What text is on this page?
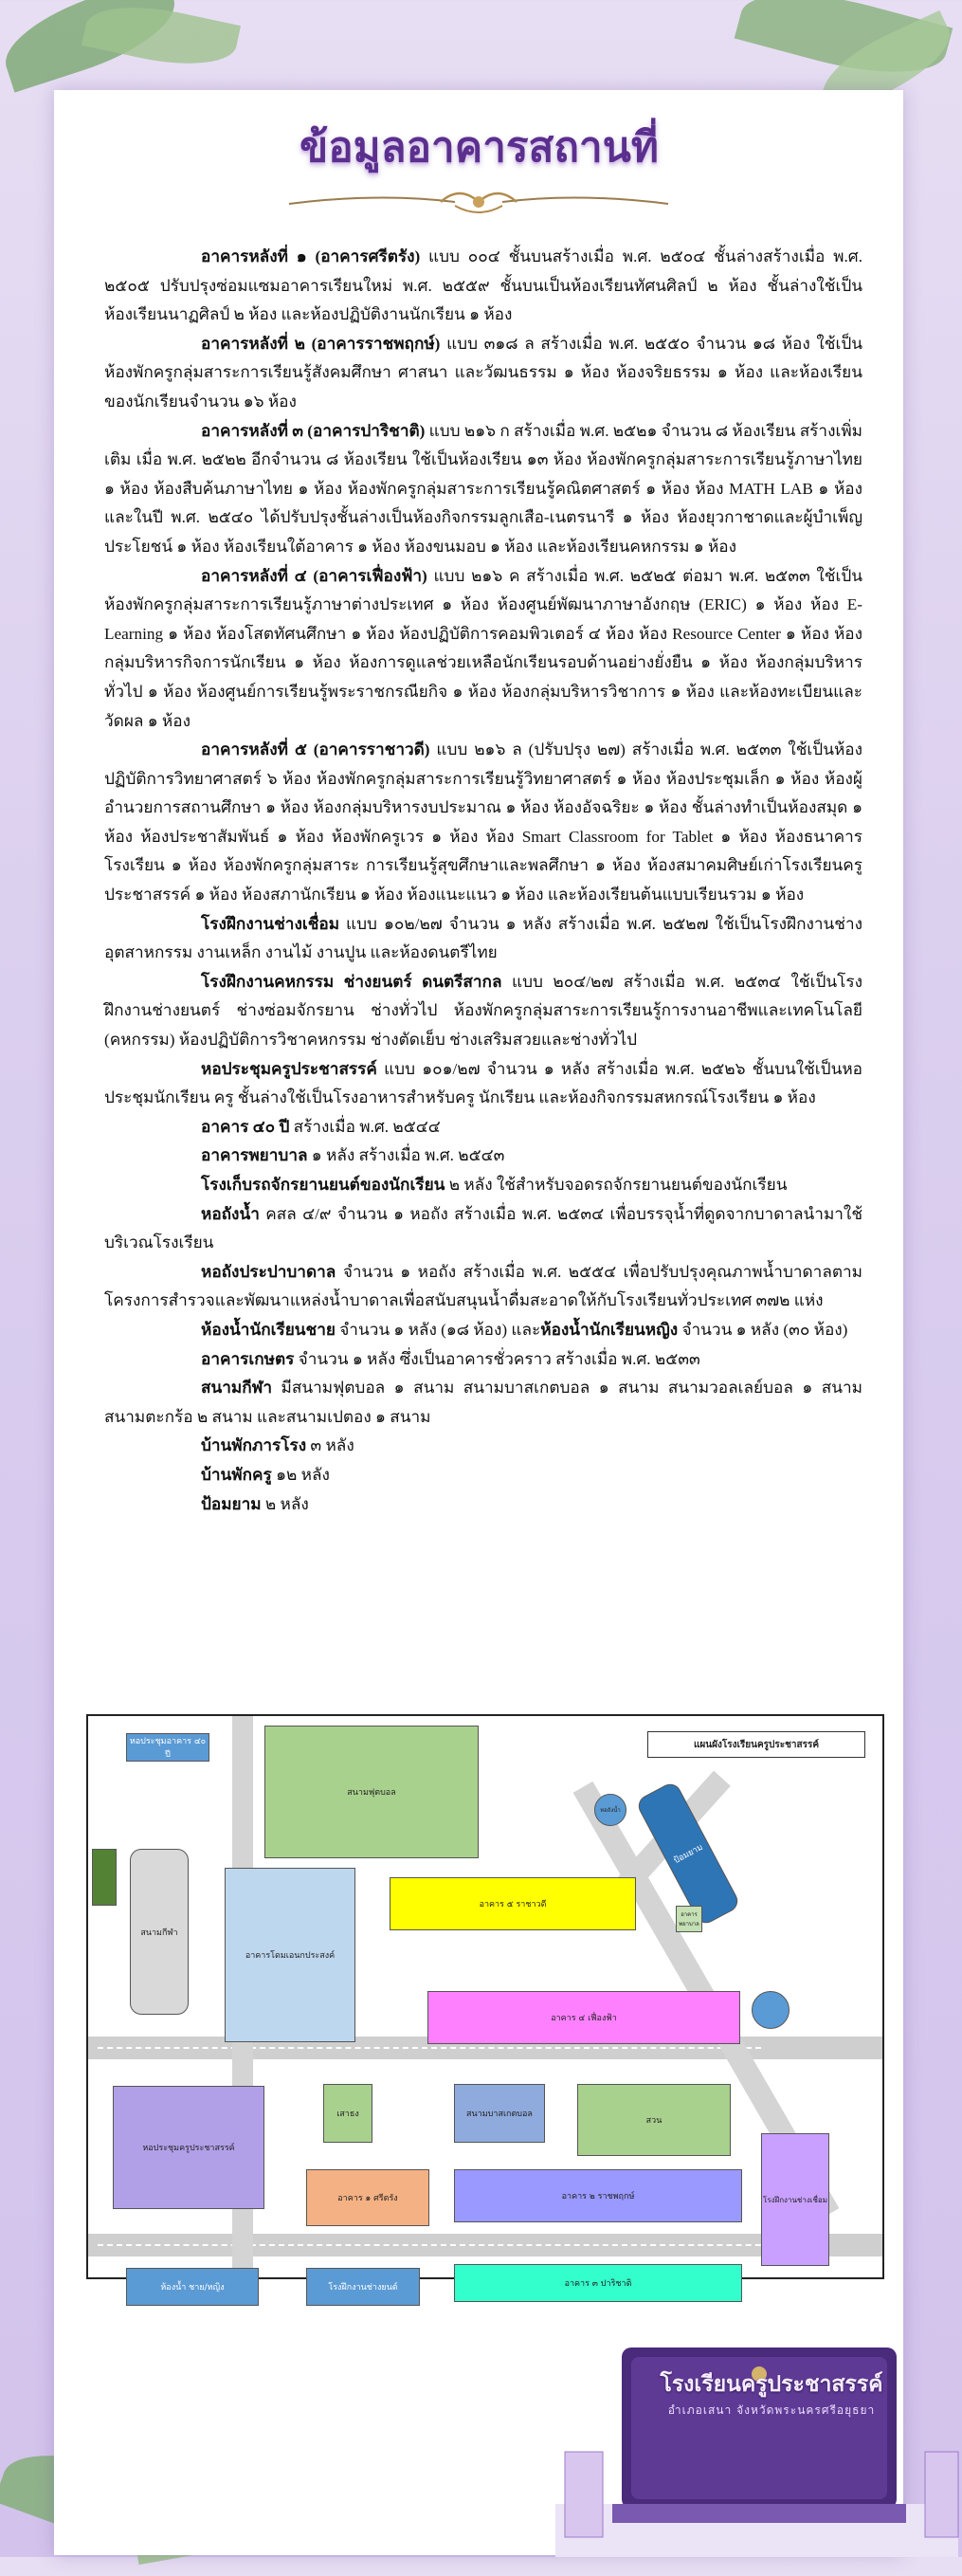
ข้อมูลอาคารสถานที่

อาคารหลังที่ ๑ (อาคารศรีตรัง) แบบ ๐๐๔ ชั้นบนสร้างเมื่อ พ.ศ. ๒๕๐๔ ชั้นล่างสร้างเมื่อ พ.ศ. ๒๕๐๕ ปรับปรุงซ่อมแซมอาคารเรียนใหม่ พ.ศ. ๒๕๕๙ ชั้นบนเป็นห้องเรียนทัศนศิลป์ ๒ ห้อง ชั้นล่างใช้เป็นห้องเรียนนาฏศิลป์ ๒ ห้อง และห้องปฏิบัติงานนักเรียน ๑ ห้อง

อาคารหลังที่ ๒ (อาคารราชพฤกษ์) แบบ ๓๑๘ ล สร้างเมื่อ พ.ศ. ๒๕๕๐ จำนวน ๑๘ ห้อง ใช้เป็นห้องพักครูกลุ่มสาระการเรียนรู้สังคมศึกษา ศาสนา และวัฒนธรรม ๑ ห้อง ห้องจริยธรรม ๑ ห้อง และห้องเรียนของนักเรียนจำนวน ๑๖ ห้อง

อาคารหลังที่ ๓ (อาคารปาริชาติ) แบบ ๒๑๖ ก สร้างเมื่อ พ.ศ. ๒๕๒๑ จำนวน ๘ ห้องเรียน สร้างเพิ่มเติม เมื่อ พ.ศ. ๒๕๒๒ อีกจำนวน ๘ ห้องเรียน ใช้เป็นห้องเรียน ๑๓ ห้อง ห้องพักครูกลุ่มสาระการเรียนรู้ภาษาไทย ๑ ห้อง ห้องสืบค้นภาษาไทย ๑ ห้อง ห้องพักครูกลุ่มสาระการเรียนรู้คณิตศาสตร์ ๑ ห้อง ห้อง MATH LAB ๑ ห้อง และในปี พ.ศ. ๒๕๔๐ ได้ปรับปรุงชั้นล่างเป็นห้องกิจกรรมลูกเสือ-เนตรนารี ๑ ห้อง ห้องยุวกาชาดและผู้บำเพ็ญประโยชน์ ๑ ห้อง ห้องเรียนใต้อาคาร ๑ ห้อง ห้องขนมอบ ๑ ห้อง และห้องเรียนคหกรรม ๑ ห้อง

อาคารหลังที่ ๔ (อาคารเฟื่องฟ้า) แบบ ๒๑๖ ค สร้างเมื่อ พ.ศ. ๒๕๒๕ ต่อมา พ.ศ. ๒๕๓๓ ใช้เป็นห้องพักครูกลุ่มสาระการเรียนรู้ภาษาต่างประเทศ ๑ ห้อง ห้องศูนย์พัฒนาภาษาอังกฤษ (ERIC) ๑ ห้อง ห้อง E-Learning ๑ ห้อง ห้องโสตทัศนศึกษา ๑ ห้อง ห้องปฏิบัติการคอมพิวเตอร์ ๔ ห้อง ห้อง Resource Center ๑ ห้อง ห้องกลุ่มบริหารกิจการนักเรียน ๑ ห้อง ห้องการดูแลช่วยเหลือนักเรียนรอบด้านอย่างยั่งยืน ๑ ห้อง ห้องกลุ่มบริหารทั่วไป ๑ ห้อง ห้องศูนย์การเรียนรู้พระราชกรณียกิจ ๑ ห้อง ห้องกลุ่มบริหารวิชาการ ๑ ห้อง และห้องทะเบียนและวัดผล ๑ ห้อง

อาคารหลังที่ ๕ (อาคารราชาวดี) แบบ ๒๑๖ ล (ปรับปรุง ๒๗) สร้างเมื่อ พ.ศ. ๒๕๓๓ ใช้เป็นห้องปฏิบัติการวิทยาศาสตร์ ๖ ห้อง ห้องพักครูกลุ่มสาระการเรียนรู้วิทยาศาสตร์ ๑ ห้อง ห้องประชุมเล็ก ๑ ห้อง ห้องผู้อำนวยการสถานศึกษา ๑ ห้อง ห้องกลุ่มบริหารงบประมาณ ๑ ห้อง ห้องอัจฉริยะ ๑ ห้อง ชั้นล่างทำเป็นห้องสมุด ๑ ห้อง ห้องประชาสัมพันธ์ ๑ ห้อง ห้องพักครูเวร ๑ ห้อง ห้อง Smart Classroom for Tablet ๑ ห้อง ห้องธนาคารโรงเรียน ๑ ห้อง ห้องพักครูกลุ่มสาระ การเรียนรู้สุขศึกษาและพลศึกษา ๑ ห้อง ห้องสมาคมศิษย์เก่าโรงเรียนครูประชาสรรค์ ๑ ห้อง ห้องสภานักเรียน ๑ ห้อง ห้องแนะแนว ๑ ห้อง และห้องเรียนต้นแบบเรียนรวม ๑ ห้อง

โรงฝึกงานช่างเชื่อม แบบ ๑๐๒/๒๗ จำนวน ๑ หลัง สร้างเมื่อ พ.ศ. ๒๕๒๗ ใช้เป็นโรงฝึกงานช่างอุตสาหกรรม งานเหล็ก งานไม้ งานปูน และห้องดนตรีไทย

โรงฝึกงานคหกรรม ช่างยนตร์ ดนตรีสากล แบบ ๒๐๔/๒๗ สร้างเมื่อ พ.ศ. ๒๕๓๔ ใช้เป็นโรงฝึกงานช่างยนตร์ ช่างซ่อมจักรยาน ช่างทั่วไป ห้องพักครูกลุ่มสาระการเรียนรู้การงานอาชีพและเทคโนโลยี (คหกรรม) ห้องปฏิบัติการวิชาคหกรรม ช่างตัดเย็บ ช่างเสริมสวยและช่างทั่วไป

หอประชุมครูประชาสรรค์ แบบ ๑๐๑/๒๗ จำนวน ๑ หลัง สร้างเมื่อ พ.ศ. ๒๕๒๖ ชั้นบนใช้เป็นหอประชุมนักเรียน ครู ชั้นล่างใช้เป็นโรงอาหารสำหรับครู นักเรียน และห้องกิจกรรมสหกรณ์โรงเรียน ๑ ห้อง

อาคาร ๔๐ ปี สร้างเมื่อ พ.ศ. ๒๕๔๔

อาคารพยาบาล ๑ หลัง สร้างเมื่อ พ.ศ. ๒๕๔๓

โรงเก็บรถจักรยานยนต์ของนักเรียน ๒ หลัง ใช้สำหรับจอดรถจักรยานยนต์ของนักเรียน

หอถังน้ำ คสล ๔/๙ จำนวน ๑ หอถัง สร้างเมื่อ พ.ศ. ๒๕๓๔ เพื่อบรรจุน้ำที่ดูดจากบาดาลนำมาใช้บริเวณโรงเรียน

หอถังประปาบาดาล จำนวน ๑ หอถัง สร้างเมื่อ พ.ศ. ๒๕๕๔ เพื่อปรับปรุงคุณภาพน้ำบาดาลตามโครงการสำรวจและพัฒนาแหล่งน้ำบาดาลเพื่อสนับสนุนน้ำดื่มสะอาดให้กับโรงเรียนทั่วประเทศ ๓๗๒ แห่ง

ห้องน้ำนักเรียนชาย จำนวน ๑ หลัง (๑๘ ห้อง) และห้องน้ำนักเรียนหญิง จำนวน ๑ หลัง (๓๐ ห้อง)

อาคารเกษตร จำนวน ๑ หลัง ซึ่งเป็นอาคารชั่วคราว สร้างเมื่อ พ.ศ. ๒๕๓๓

สนามกีฬา มีสนามฟุตบอล ๑ สนาม สนามบาสเกตบอล ๑ สนาม สนามวอลเลย์บอล ๑ สนาม สนามตะกร้อ ๒ สนาม และสนามเปตอง ๑ สนาม

บ้านพักภารโรง ๓ หลัง

บ้านพักครู ๑๒ หลัง

ป้อมยาม ๒ หลัง

หอประชุมอาคาร ๔๐ ปี
สนามฟุตบอล
แผนผังโรงเรียนครูประชาสรรค์
หอถังน้ำ
ป้อมยาม
สนามกีฬา
อาคารโดมเอนกประสงค์
อาคาร ๕ ราชาวดี
อาคารพยาบาล
อาคาร ๔ เฟื่องฟ้า
หอประชุมครูประชาสรรค์
เสาธง	สนามบาสเกตบอล
สวน
อาคาร ๑ ศรีตรัง	อาคาร ๒ ราชพฤกษ์	โรงฝึกงานช่างเชื่อม
ห้องน้ำ ชาย/หญิง	โรงฝึกงานช่างยนต์	อาคาร ๓ ปาริชาติ
โรงเรียนครูประชาสรรค์
อำเภอเสนา จังหวัดพระนครศรีอยุธยา
